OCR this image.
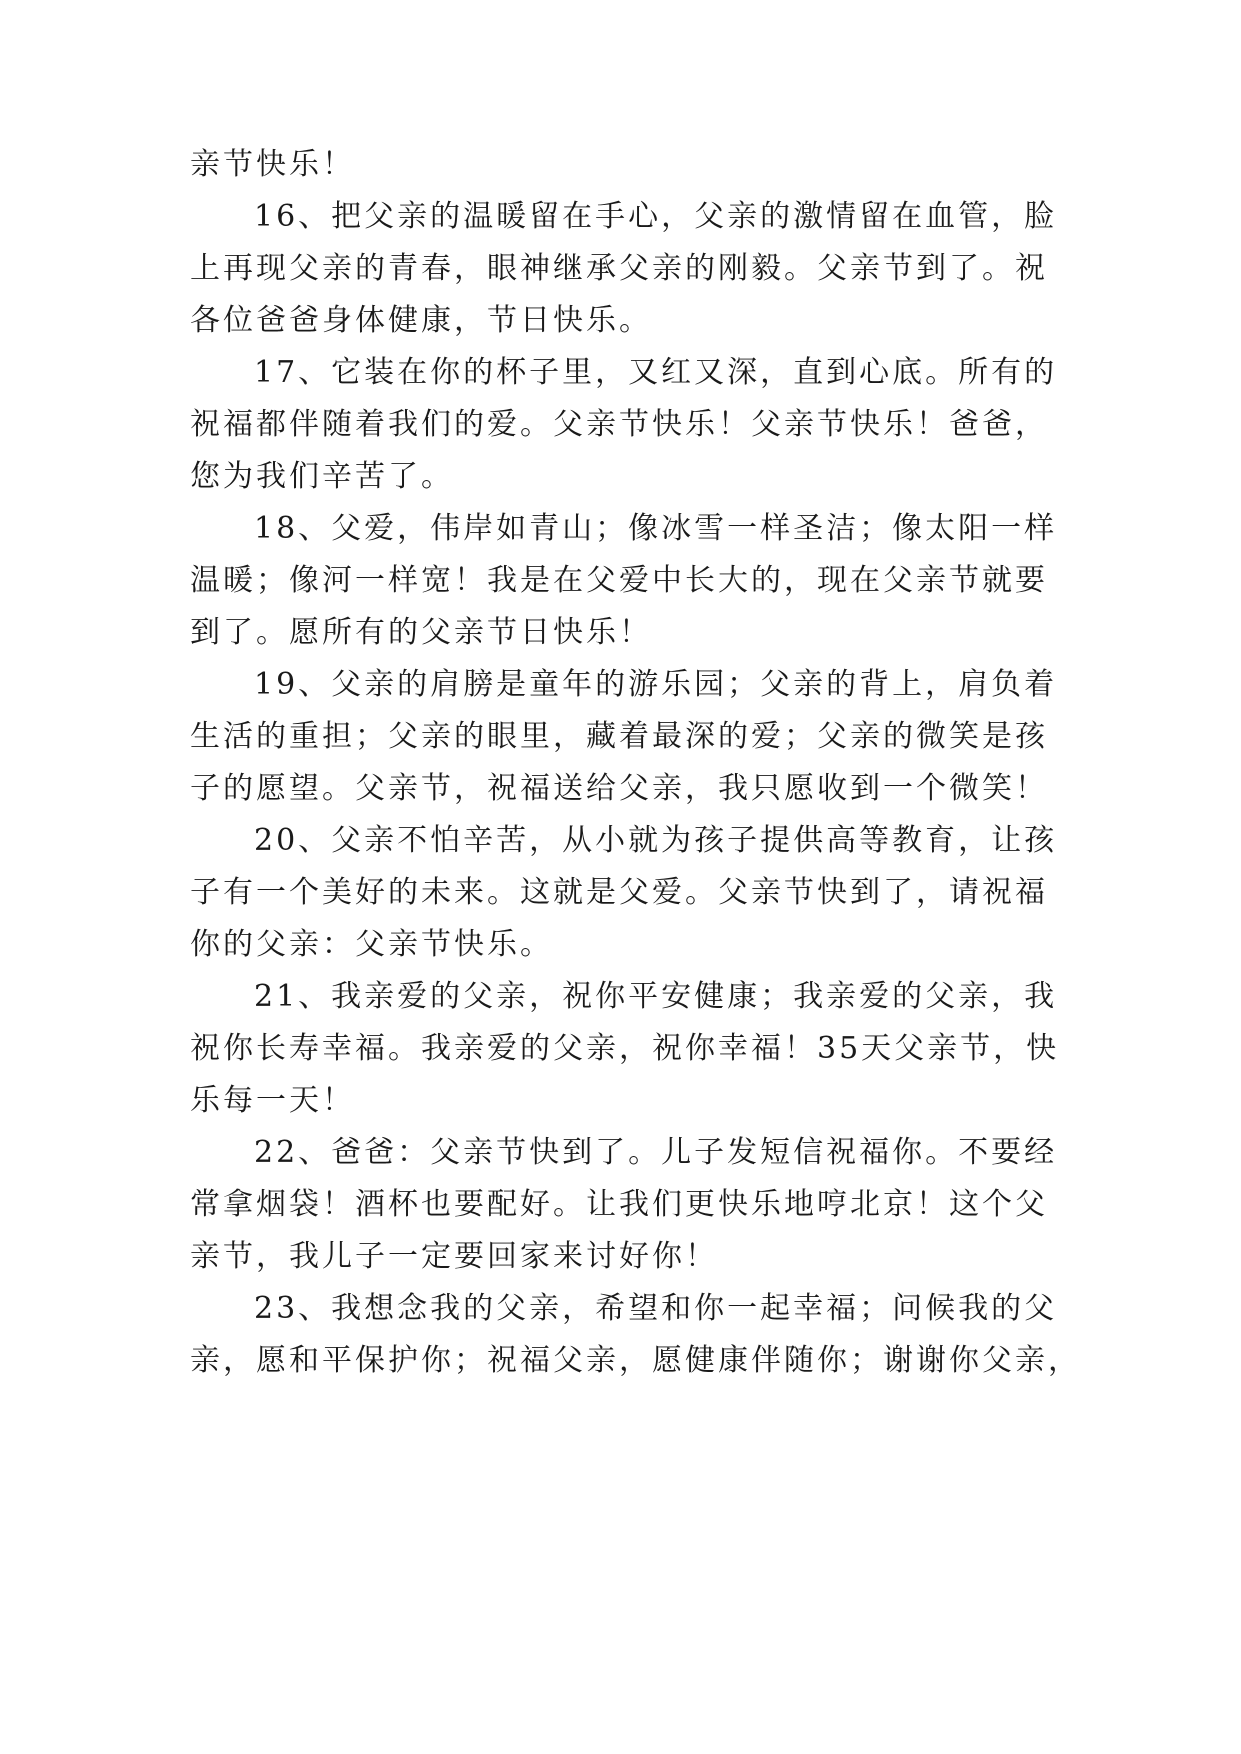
亲节快乐！
16、把父亲的温暖留在手心，父亲的激情留在血管，脸
上再现父亲的青春，眼神继承父亲的刚毅。父亲节到了。祝
各位爸爸身体健康，节日快乐。
17、它装在你的杯子里，又红又深，直到心底。所有的
祝福都伴随着我们的爱。父亲节快乐！父亲节快乐！爸爸，
您为我们辛苦了。
18、父爱，伟岸如青山；像冰雪一样圣洁；像太阳一样
温暖；像河一样宽！我是在父爱中长大的，现在父亲节就要
到了。愿所有的父亲节日快乐！
19、父亲的肩膀是童年的游乐园；父亲的背上，肩负着
生活的重担；父亲的眼里，藏着最深的爱；父亲的微笑是孩
子的愿望。父亲节，祝福送给父亲，我只愿收到一个微笑！
20、父亲不怕辛苦，从小就为孩子提供高等教育，让孩
子有一个美好的未来。这就是父爱。父亲节快到了，请祝福
你的父亲：父亲节快乐。
21、我亲爱的父亲，祝你平安健康；我亲爱的父亲，我
祝你长寿幸福。我亲爱的父亲，祝你幸福！35天父亲节，快
乐每一天！
22、爸爸：父亲节快到了。儿子发短信祝福你。不要经
常拿烟袋！酒杯也要配好。让我们更快乐地哼北京！这个父
亲节，我儿子一定要回家来讨好你！
23、我想念我的父亲，希望和你一起幸福；问候我的父
亲，愿和平保护你；祝福父亲，愿健康伴随你；谢谢你父亲，
